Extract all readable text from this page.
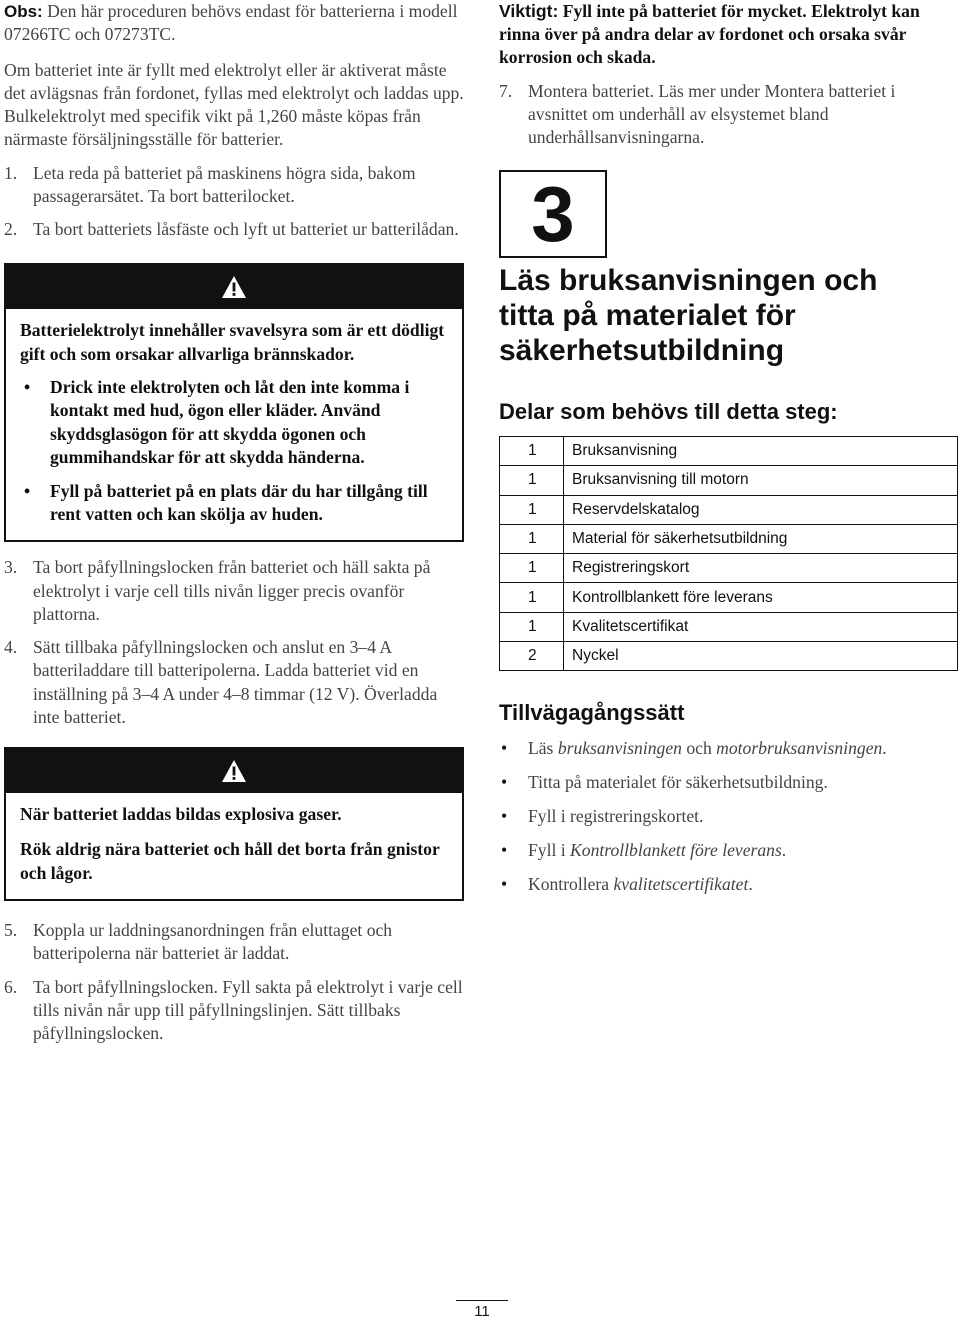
Obs: Den här proceduren behövs endast för batterierna i modell 07266TC och 07273TC.

Om batteriet inte är fyllt med elektrolyt eller är aktiverat måste det avlägsnas från fordonet, fyllas med elektrolyt och laddas upp. Bulkelektrolyt med specifik vikt på 1,260 måste köpas från närmaste försäljningsställe för batterier.

1. Leta reda på batteriet på maskinens högra sida, bakom passagerarsätet. Ta bort batterilocket.
2. Ta bort batteriets låsfäste och lyft ut batteriet ur batterilådan.

Batterielektrolyt innehåller svavelsyra som är ett dödligt gift och som orsakar allvarliga brännskador.

• Drick inte elektrolyten och låt den inte komma i kontakt med hud, ögon eller kläder. Använd skyddsglasögon för att skydda ögonen och gummihandskar för att skydda händerna.
• Fyll på batteriet på en plats där du har tillgång till rent vatten och kan skölja av huden.
3. Ta bort påfyllningslocken från batteriet och häll sakta på elektrolyt i varje cell tills nivån ligger precis ovanför plattorna.
4. Sätt tillbaka påfyllningslocken och anslut en 3–4 A batteriladdare till batteripolerna. Ladda batteriet vid en inställning på 3–4 A under 4–8 timmar (12 V). Överladda inte batteriet.

När batteriet laddas bildas explosiva gaser.

Rök aldrig nära batteriet och håll det borta från gnistor och lågor.

5. Koppla ur laddningsanordningen från eluttaget och batteripolerna när batteriet är laddat.
6. Ta bort påfyllningslocken. Fyll sakta på elektrolyt i varje cell tills nivån når upp till påfyllningslinjen. Sätt tillbaks påfyllningslocken.

Viktigt: Fyll inte på batteriet för mycket. Elektrolyt kan rinna över på andra delar av fordonet och orsaka svår korrosion och skada.

7. Montera batteriet. Läs mer under Montera batteriet i avsnittet om underhåll av elsystemet bland underhållsanvisningarna.
3
Läs bruksanvisningen och titta på materialet för säkerhetsutbildning
Delar som behövs till detta steg:
1	Bruksanvisning
1	Bruksanvisning till motorn
1	Reservdelskatalog
1	Material för säkerhetsutbildning
1	Registreringskort
1	Kontrollblankett före leverans
1	Kvalitetscertifikat
2	Nyckel
Tillvägagångssätt
• Läs bruksanvisningen och motorbruksanvisningen.
• Titta på materialet för säkerhetsutbildning.
• Fyll i registreringskortet.
• Fyll i Kontrollblankett före leverans.
• Kontrollera kvalitetscertifikatet.
11
